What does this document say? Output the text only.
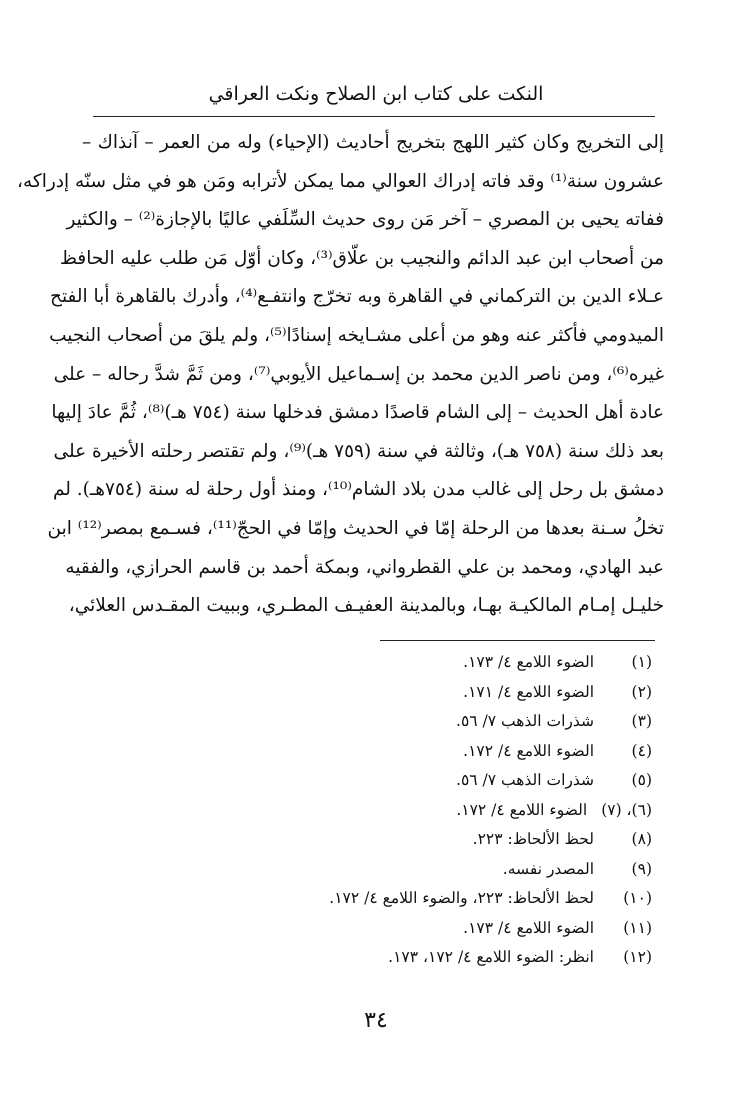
النكت على كتاب ابن الصلاح ونكت العراقي
إلى التخريج وكان كثير اللهج بتخريج أحاديث (الإحياء) وله من العمر – آنذاك –
عشرون سنة⁽¹⁾ وقد فاته إدراك العوالي مما يمكن لأترابه ومَن هو في مثل سنّه إدراكه،
ففاته يحيى بن المصري – آخر مَن روى حديث السِّلَفي عاليًا بالإجازة⁽²⁾ – والكثير
من أصحاب ابن عبد الدائم والنجيب بن علّاق⁽³⁾، وكان أوّل مَن طلب عليه الحافظ
عـلاء الدين بن التركماني في القاهرة وبه تخرّج وانتفـع⁽⁴⁾، وأدرك بالقاهرة أبا الفتح
الميدومي فأكثر عنه وهو من أعلى مشـايخه إسنادًا⁽⁵⁾، ولم يلقَ من أصحاب النجيب
غيره⁽⁶⁾، ومن ناصر الدين محمد بن إسـماعيل الأيوبي⁽⁷⁾، ومن ثَمَّ شدَّ رحاله – على
عادة أهل الحديث – إلى الشام قاصدًا دمشق فدخلها سنة (٧٥٤ هـ)⁽⁸⁾، ثُمَّ عادَ إليها
بعد ذلك سنة (٧٥٨ هـ)، وثالثة في سنة (٧٥٩ هـ)⁽⁹⁾، ولم تقتصر رحلته الأخيرة على
دمشق بل رحل إلى غالب مدن بلاد الشام⁽¹⁰⁾، ومنذ أول رحلة له سنة (٧٥٤هـ). لم
تخلُ سـنة بعدها من الرحلة إمّا في الحديث وإمّا في الحجّ⁽¹¹⁾، فسـمع بمصر⁽¹²⁾ ابن
عبد الهادي، ومحمد بن علي القطرواني، وبمكة أحمد بن قاسم الحرازي، والفقيه
خليـل إمـام المالكيـة بهـا، وبالمدينة العفيـف المطـري، وببيت المقـدس العلائي،
(١)
الضوء اللامع ٤/ ١٧٣.
(٢)
الضوء اللامع ٤/ ١٧١.
(٣)
شذرات الذهب ٧/ ٥٦.
(٤)
الضوء اللامع ٤/ ١٧٢.
(٥)
شذرات الذهب ٧/ ٥٦.
(٦)، (٧)
الضوء اللامع ٤/ ١٧٢.
(٨)
لحظ الألحاظ: ٢٢٣.
(٩)
المصدر نفسه.
(١٠)
لحظ الألحاظ: ٢٢٣، والضوء اللامع ٤/ ١٧٢.
(١١)
الضوء اللامع ٤/ ١٧٣.
(١٢)
انظر: الضوء اللامع ٤/ ١٧٢، ١٧٣.
٣٤
